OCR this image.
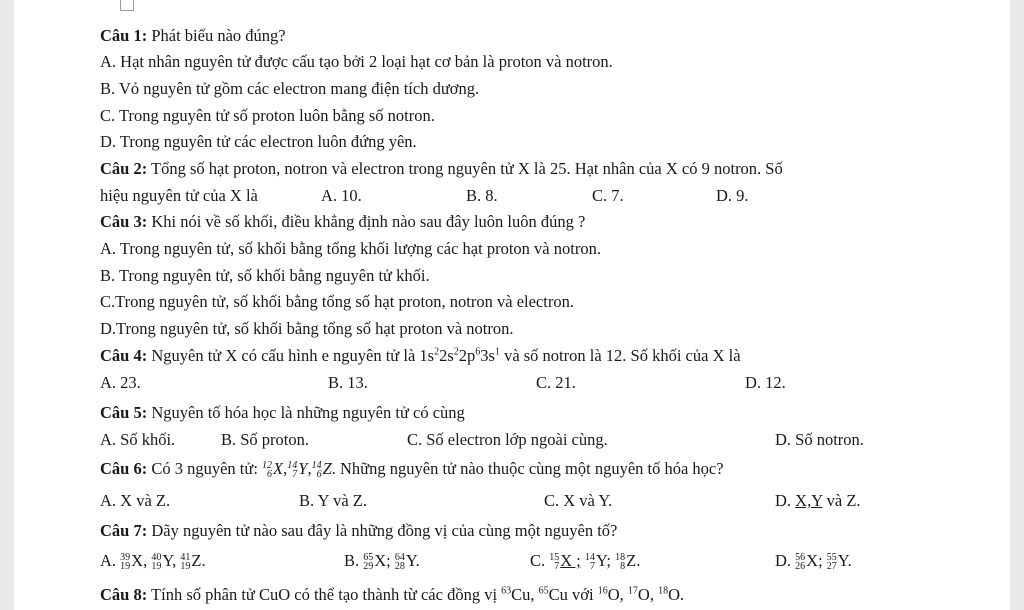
Câu 1: Phát biểu nào đúng?
A. Hạt nhân nguyên tử được cấu tạo bởi 2 loại hạt cơ bản là proton và notron.
B. Vỏ nguyên tử gồm các electron mang điện tích dương.
C. Trong nguyên tử số proton luôn bằng số notron.
D. Trong nguyên tử các electron luôn đứng yên.
Câu 2: Tổng số hạt proton, notron và electron trong nguyên tử X là 25. Hạt nhân của X có 9 notron. Số
hiệu nguyên tử của X là	A. 10.	B. 8.	C. 7.	D. 9.
Câu 3: Khi nói về số khối, điều khẳng định nào sau đây luôn luôn đúng ?
A. Trong nguyên tử, số khối bằng tổng khối lượng các hạt proton và notron.
B. Trong nguyên tử, số khối bằng nguyên tử khối.
C.Trong nguyên tử, số khối bằng tổng số hạt proton, notron và electron.
D.Trong nguyên tử, số khối bằng tổng số hạt proton và notron.
Câu 4: Nguyên tử X có cấu hình e nguyên tử là $1s^22s^22p^63s^1$ và số notron là 12. Số khối của X là
A. 23.	B. 13.	C. 21.	D. 12.
Câu 5: Nguyên tố hóa học là những nguyên tử có cùng
A. Số khối.	B. Số proton.	C. Số electron lớp ngoài cùng.	D. Số notron.
Câu 6: Có 3 nguyên tử: 12
6 X, 14
7 Y, 14
6 Z. Những nguyên tử nào thuộc cùng một nguyên tố hóa học?
A. X và Z.	B. Y và Z.	C. X và Y.	D. X,Y và Z.
Câu 7: Dãy nguyên tử nào sau đây là những đồng vị của cùng một nguyên tố?
A. 39
19 X, 40
19 Y, 41
19 Z.	B. 65
29 X; 64
28 Y.	C. 15
7 X ; 14
7 Y; 18
8 Z.	D. 56
26 X; 55
27 Y.
Câu 8: Tính số phân tử CuO có thể tạo thành từ các đồng vị $^{63}$Cu, $^{65}$Cu với $^{16}$O, $^{17}$O, $^{18}$O.
